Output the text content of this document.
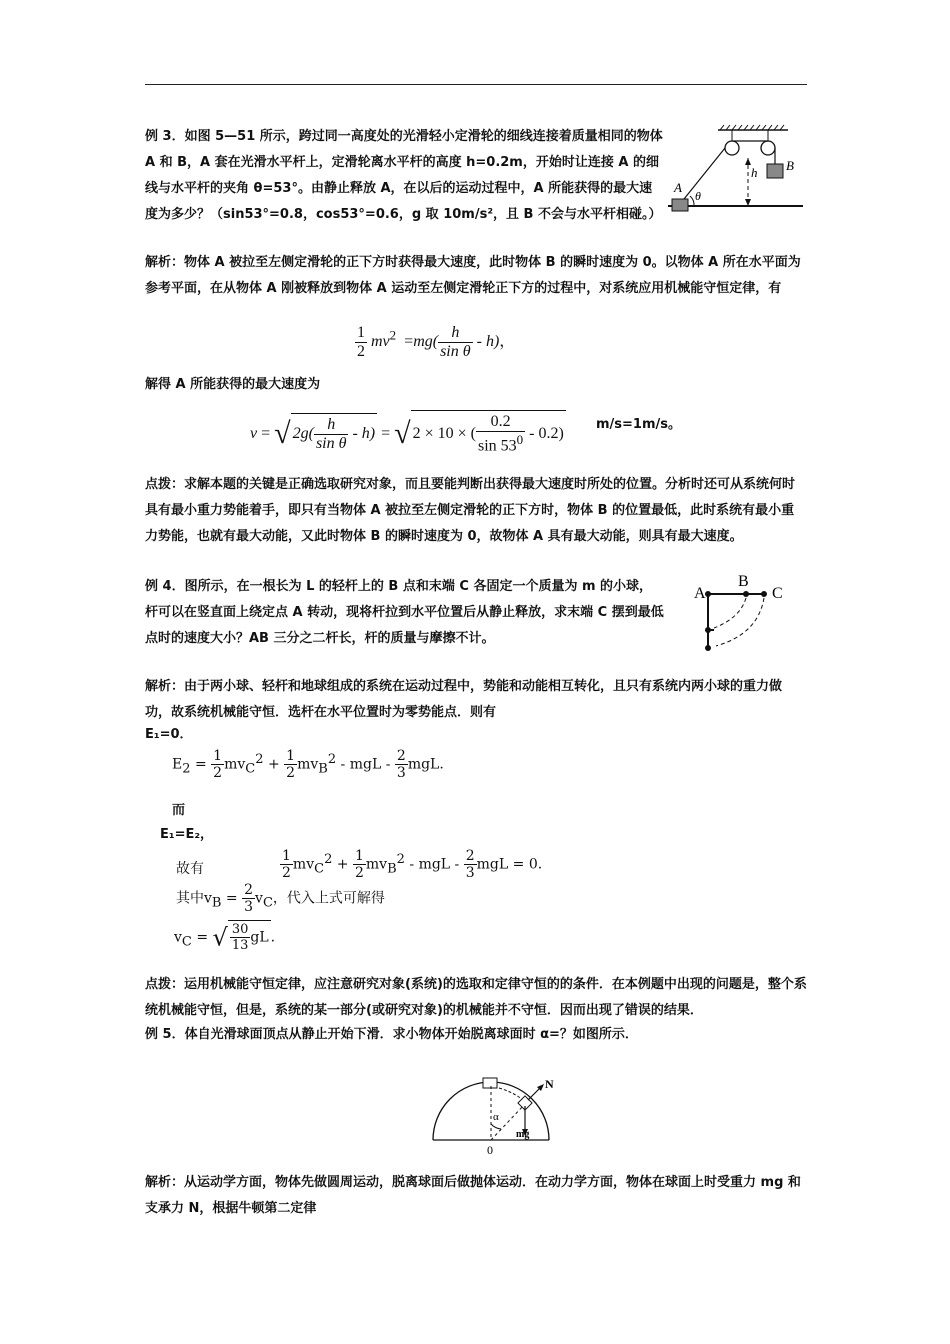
例 3．如图 5—51 所示，跨过同一高度处的光滑轻小定滑轮的细线连接着质量相同的物体 A 和 B，A 套在光滑水平杆上，定滑轮离水平杆的高度 h=0.2m，开始时让连接 A 的细线与水平杆的夹角 θ=53°。由静止释放 A，在以后的运动过程中，A 所能获得的最大速度为多少？（sin53°=0.8，cos53°=0.6，g 取 10m/s²，且 B 不会与水平杆相碰。）
A
B
h
θ
解析：物体 A 被拉至左侧定滑轮的正下方时获得最大速度，此时物体 B 的瞬时速度为 0。以物体 A 所在水平面为参考平面，在从物体 A 刚被释放到物体 A 运动至左侧定滑轮正下方的过程中，对系统应用机械能守恒定律，有
$\frac{1}{2} mv^2 =mg( \frac{h}{\text{sin θ}} - h)$，
解得 A 所能获得的最大速度为
v = √ $2g( \frac{h}{\text{sin θ}} - h)$ = √ 2 × 10 × ( $\frac{0.2}{\sin 53^0} - 0.2$)
m/s=1m/s。
点拨：求解本题的关键是正确选取研究对象，而且要能判断出获得最大速度时所处的位置。分析时还可从系统何时具有最小重力势能着手，即只有当物体 A 被拉至左侧定滑轮的正下方时，物体 B 的位置最低，此时系统有最小重力势能，也就有最大动能，又此时物体 B 的瞬时速度为 0，故物体 A 具有最大动能，则具有最大速度。
例 4．图所示，在一根长为 L 的轻杆上的 B 点和末端 C 各固定一个质量为 m 的小球，杆可以在竖直面上绕定点 A 转动，现将杆拉到水平位置后从静止释放，求末端 C 摆到最低点时的速度大小？AB 三分之二杆长，杆的质量与摩擦不计。
A
B
C
解析：由于两小球、轻杆和地球组成的系统在运动过程中，势能和动能相互转化，且只有系统内两小球的重力做功，故系统机械能守恒．选杆在水平位置时为零势能点．则有
E₁=0．
$E_2 = \frac{1}{2} mv_C^2 + \frac{1}{2} mv_B^2$ - mgL - $\frac{2}{3}$ mgL.
而
E₁=E₂，
故有	$\frac{1}{2} mv_C^2 + \frac{1}{2} mv_B^2$ - mgL - $\frac{2}{3}$ mgL = 0.
其中$v_B = \frac{2}{3} v_C$，代入上式可解得
$v_C$ = √ $\frac{30}{13}$ gL .
点拨：运用机械能守恒定律，应注意研究对象(系统)的选取和定律守恒的的条件．在本例题中出现的问题是，整个系统机械能守恒，但是，系统的某一部分(或研究对象)的机械能并不守恒．因而出现了错误的结果．
例 5．体自光滑球面顶点从静止开始下滑．求小物体开始脱离球面时 α=？如图所示．
N
α
mg
0
解析：从运动学方面，物体先做圆周运动，脱离球面后做抛体运动．在动力学方面，物体在球面上时受重力 mg 和支承力 N，根据牛顿第二定律
